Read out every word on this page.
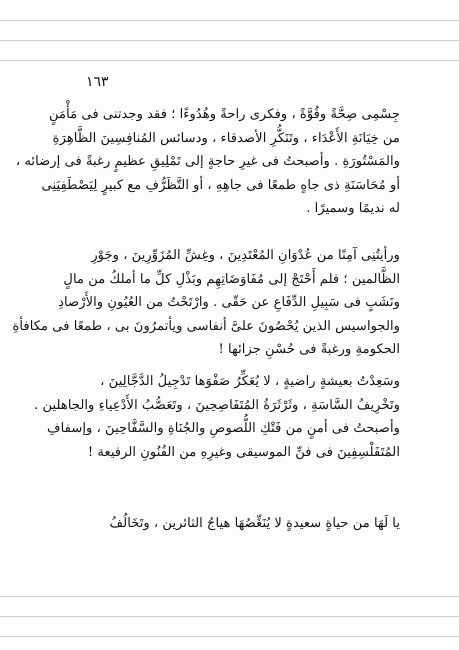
١٦٣
جِسْمِى صِحَّةً وقُوَّةً ، وفكرى راحةً وهُدُوءًا ؛ فقد وجدتنى فى مَأْمَنٍ
من خِيَانَةِ الأَعْدَاء ، وتَنَكُّرِ الأصدقاء ، ودسائس المُنافِسِينَ الظَّاهِرَةِ
والمَسْتُورَةِ . وأصبحتُ فى غيرِ حاجةٍ إلى تَمْلِيقِ عظيمٍ رغبةً فى إرضائه ،
أو مُحَاسَنَةِ ذى جاهٍ طمعًا فى جاهِهِ ، أو التَّظَرُّفِ مع كبيرٍ لِيَصْطَفِيَنِى
له نديمًا وسميرًا .
ورأيتُنِى آمِنًا من عُدْوَانِ المُعْتَدِينَ ، وغِشِّ المُزَوِّرِينَ ، وجَوْرِ
الظَّالمين ؛ فلم أَحْتَجْ إلى مُفَاوَضَاتِهِم وبَذْلِ كلِّ ما أملكُ من مالٍ
ونَشَبٍ فى سَبِيلِ الدِّفَاعِ عن حَقّى . وارْتَحْتُ من العُيُونِ والأَرْصادِ
والجواسيس الذين يُحْصُونَ علىَّ أنفاسى ويأتمرُونَ بى ، طمعًا فى مكافأةِ
الحكومةِ ورغبةً فى حُسْنِ جزائها !
وسَعِدْتُ بعيشةٍ راضيةٍ ، لا يُعَكِّرُ صَفْوَها تَدْجِيلُ الدَّجَّالِينَ ،
وتَخْرِيفُ السَّاسَةِ ، وثَرْثَرَةُ المُتَفَاصِحِينَ ، وتَعَصُّبُ الأَدْعِياءِ والجاهلين .
وأصبحتُ فى أمنٍ من فَتْكِ اللُّصوصِ والجُنَاةِ والسَّفَّاحِينَ ، وإسفافِ
المُتَفَلْسِفِينَ فى فنِّ الموسيقى وغيرِهِ من الفُنُونِ الرفيعة !
يا لَهَا من حياةٍ سعيدةٍ لا يُنَغِّصُهَا هياجُ الثائرين ، وتَخَالُفُ
